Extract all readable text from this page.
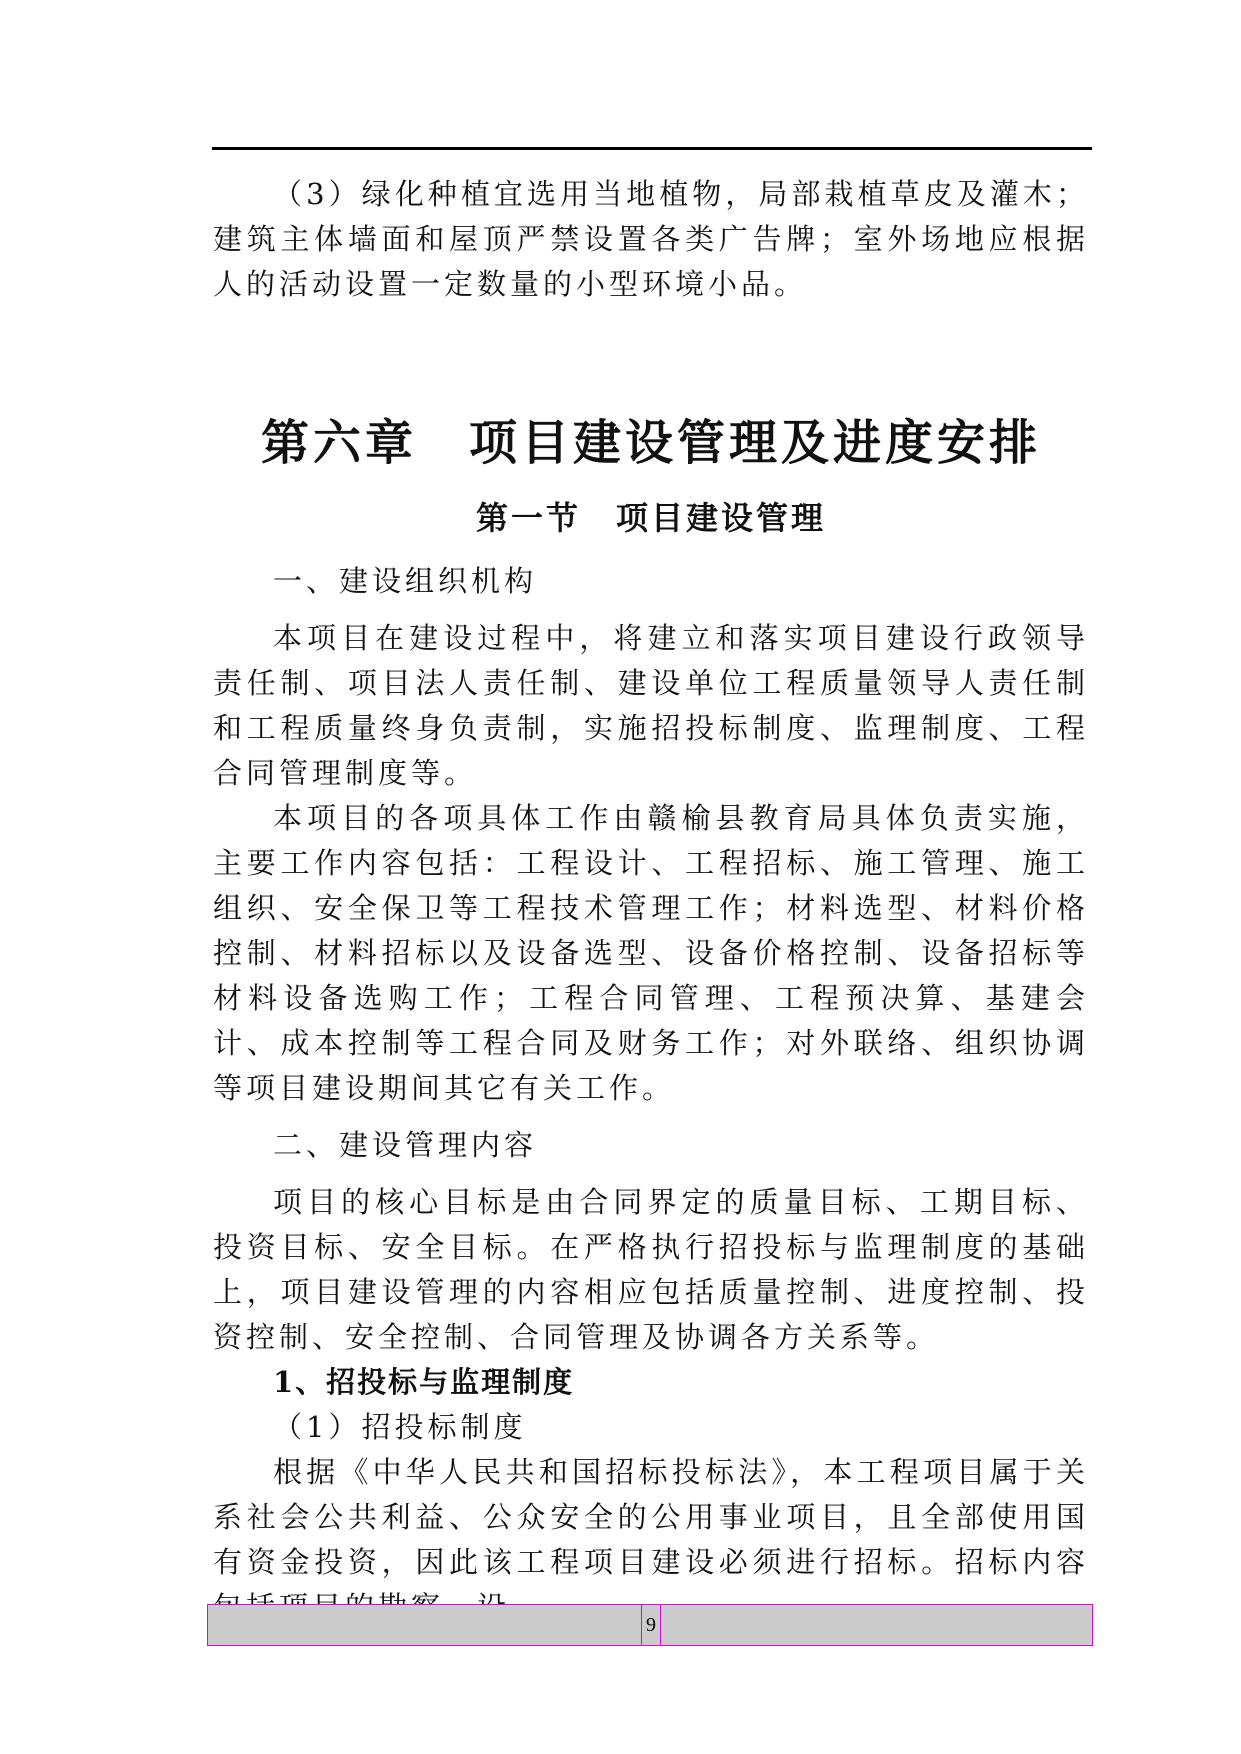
（3）绿化种植宜选用当地植物，局部栽植草皮及灌木；建筑主体墙面和屋顶严禁设置各类广告牌；室外场地应根据人的活动设置一定数量的小型环境小品。

第六章　项目建设管理及进度安排

第一节　项目建设管理

一、建设组织机构

本项目在建设过程中，将建立和落实项目建设行政领导责任制、项目法人责任制、建设单位工程质量领导人责任制和工程质量终身负责制，实施招投标制度、监理制度、工程合同管理制度等。

本项目的各项具体工作由赣榆县教育局具体负责实施，主要工作内容包括：工程设计、工程招标、施工管理、施工组织、安全保卫等工程技术管理工作；材料选型、材料价格控制、材料招标以及设备选型、设备价格控制、设备招标等材料设备选购工作；工程合同管理、工程预决算、基建会计、成本控制等工程合同及财务工作；对外联络、组织协调等项目建设期间其它有关工作。

二、建设管理内容

项目的核心目标是由合同界定的质量目标、工期目标、投资目标、安全目标。在严格执行招投标与监理制度的基础上，项目建设管理的内容相应包括质量控制、进度控制、投资控制、安全控制、合同管理及协调各方关系等。

1、招投标与监理制度

（1）招投标制度

根据《中华人民共和国招标投标法》，本工程项目属于关系社会公共利益、公众安全的公用事业项目，且全部使用国有资金投资，因此该工程项目建设必须进行招标。招标内容

9
